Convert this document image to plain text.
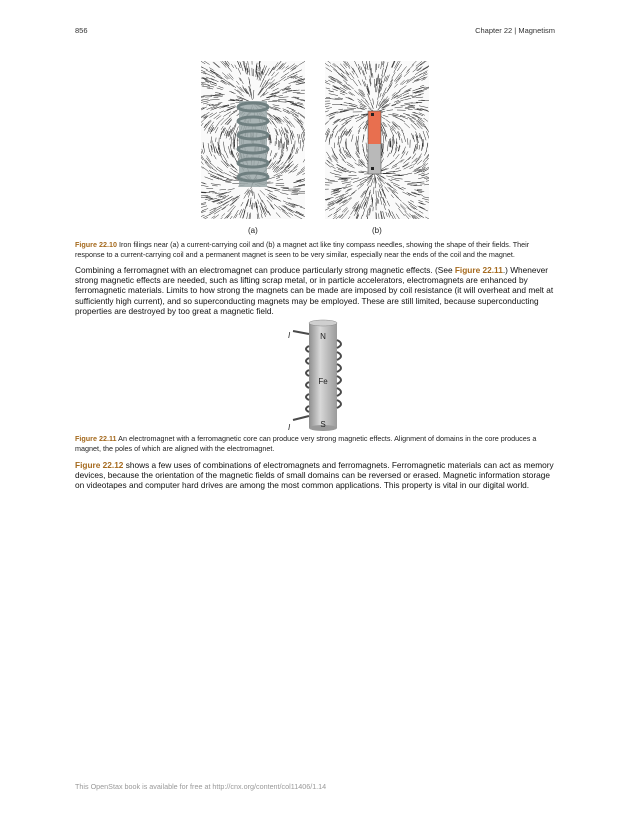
856	Chapter 22 | Magnetism
(a)	(b)
Figure 22.10 Iron filings near (a) a current-carrying coil and (b) a magnet act like tiny compass needles, showing the shape of their fields. Their response to a current-carrying coil and a permanent magnet is seen to be very similar, especially near the ends of the coil and the magnet.
Combining a ferromagnet with an electromagnet can produce particularly strong magnetic effects. (See Figure 22.11.) Whenever strong magnetic effects are needed, such as lifting scrap metal, or in particle accelerators, electromagnets are enhanced by ferromagnetic materials. Limits to how strong the magnets can be made are imposed by coil resistance (it will overheat and melt at sufficiently high current), and so superconducting magnets may be employed. These are still limited, because superconducting properties are destroyed by too great a magnetic field.
N
Fe
S
I
I
Figure 22.11 An electromagnet with a ferromagnetic core can produce very strong magnetic effects. Alignment of domains in the core produces a magnet, the poles of which are aligned with the electromagnet.
Figure 22.12 shows a few uses of combinations of electromagnets and ferromagnets. Ferromagnetic materials can act as memory devices, because the orientation of the magnetic fields of small domains can be reversed or erased. Magnetic information storage on videotapes and computer hard drives are among the most common applications. This property is vital in our digital world.
This OpenStax book is available for free at http://cnx.org/content/col11406/1.14
